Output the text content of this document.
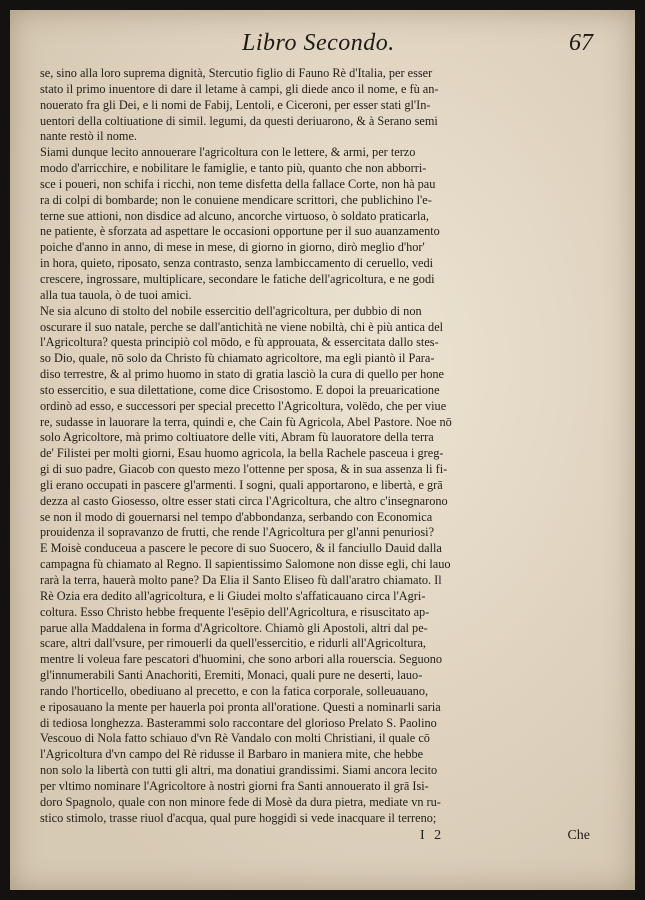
Libro Secondo.	67
se, sino alla loro suprema dignità, Stercutio figlio di Fauno Rè d'Italia, per esser
stato il primo inuentore di dare il letame à campi, gli diede anco il nome, e fù an-
nouerato fra gli Dei, e li nomi de Fabij, Lentoli, e Ciceroni, per esser stati gl'In-
uentori della coltiuatione di simil. legumi, da questi deriuarono, & à Serano semi
nante restò il nome.
Siami dunque lecito annouerare l'agricoltura con le lettere, & armi, per terzo
modo d'arricchire, e nobilitare le famiglie, e tanto più, quanto che non abborri-
sce i poueri, non schifa i ricchi, non teme disfetta della fallace Corte, non hà pau
ra di colpi di bombarde; non le conuiene mendicare scrittori, che publichino l'e-
terne sue attioni, non disdice ad alcuno, ancorche virtuoso, ò soldato praticarla,
ne patiente, è sforzata ad aspettare le occasioni opportune per il suo auanzamento
poiche d'anno in anno, di mese in mese, di giorno in giorno, dirò meglio d'hor'
in hora, quieto, riposato, senza contrasto, senza lambiccamento di ceruello, vedi
crescere, ingrossare, multiplicare, secondare le fatiche dell'agricoltura, e ne godi
alla tua tauola, ò de tuoi amici.
Ne sia alcuno di stolto del nobile essercitio dell'agricoltura, per dubbio di non
oscurare il suo natale, perche se dall'antichità ne viene nobiltà, chi è più antica del
l'Agricoltura? questa principiò col mōdo, e fù approuata, & essercitata dallo stes-
so Dio, quale, nō solo da Christo fù chiamato agricoltore, ma egli piantò il Para-
diso terrestre, & al primo huomo in stato di gratia lasciò la cura di quello per hone
sto essercitio, e sua dilettatione, come dice Crisostomo. E dopoi la preuaricatione
ordinò ad esso, e successori per special precetto l'Agricoltura, volēdo, che per viue
re, sudasse in lauorare la terra, quindi e, che Cain fù Agricola, Abel Pastore. Noe nō
solo Agricoltore, mà primo coltiuatore delle viti, Abram fù lauoratore della terra
de' Filistei per molti giorni, Esau huomo agricola, la bella Rachele pasceua i greg-
gi di suo padre, Giacob con questo mezo l'ottenne per sposa, & in sua assenza li fi-
gli erano occupati in pascere gl'armenti. I sogni, quali apportarono, e libertà, e grā
dezza al casto Giosesso, oltre esser stati circa l'Agricoltura, che altro c'insegnarono
se non il modo di gouernarsi nel tempo d'abbondanza, serbando con Economica
prouidenza il sopravanzo de frutti, che rende l'Agricoltura per gl'anni penuriosi?
E Moisè conduceua a pascere le pecore di suo Suocero, & il fanciullo Dauid dalla
campagna fù chiamato al Regno. Il sapientissimo Salomone non disse egli, chi lauo
rarà la terra, hauerà molto pane? Da Elia il Santo Eliseo fù dall'aratro chiamato. Il
Rè Ozia era dedito all'agricoltura, e li Giudei molto s'affaticauano circa l'Agri-
coltura. Esso Christo hebbe frequente l'esēpio dell'Agricoltura, e risuscitato ap-
parue alla Maddalena in forma d'Agricoltore. Chiamò gli Apostoli, altri dal pe-
scare, altri dall'vsure, per rimouerli da quell'essercitio, e ridurli all'Agricoltura,
mentre li voleua fare pescatori d'huomini, che sono arbori alla rouerscia. Seguono
gl'innumerabili Santi Anachoriti, Eremiti, Monaci, quali pure ne deserti, lauo-
rando l'horticello, obediuano al precetto, e con la fatica corporale, solleuauano,
e riposauano la mente per hauerla poi pronta all'oratione. Questi a nominarli saria
di tediosa longhezza. Basterammi solo raccontare del glorioso Prelato S. Paolino
Vescouo di Nola fatto schiauo d'vn Rè Vandalo con molti Christiani, il quale cō
l'Agricoltura d'vn campo del Rè ridusse il Barbaro in maniera mite, che hebbe
non solo la libertà con tutti gli altri, ma donatiui grandissimi. Siami ancora lecito
per vltimo nominare l'Agricoltore à nostri giorni fra Santi annouerato il grā Isi-
doro Spagnolo, quale con non minore fede di Mosè da dura pietra, mediate vn ru-
stico stimolo, trasse riuol d'acqua, qual pure hoggidì si vede inacquare il terreno;
I 2	Che
